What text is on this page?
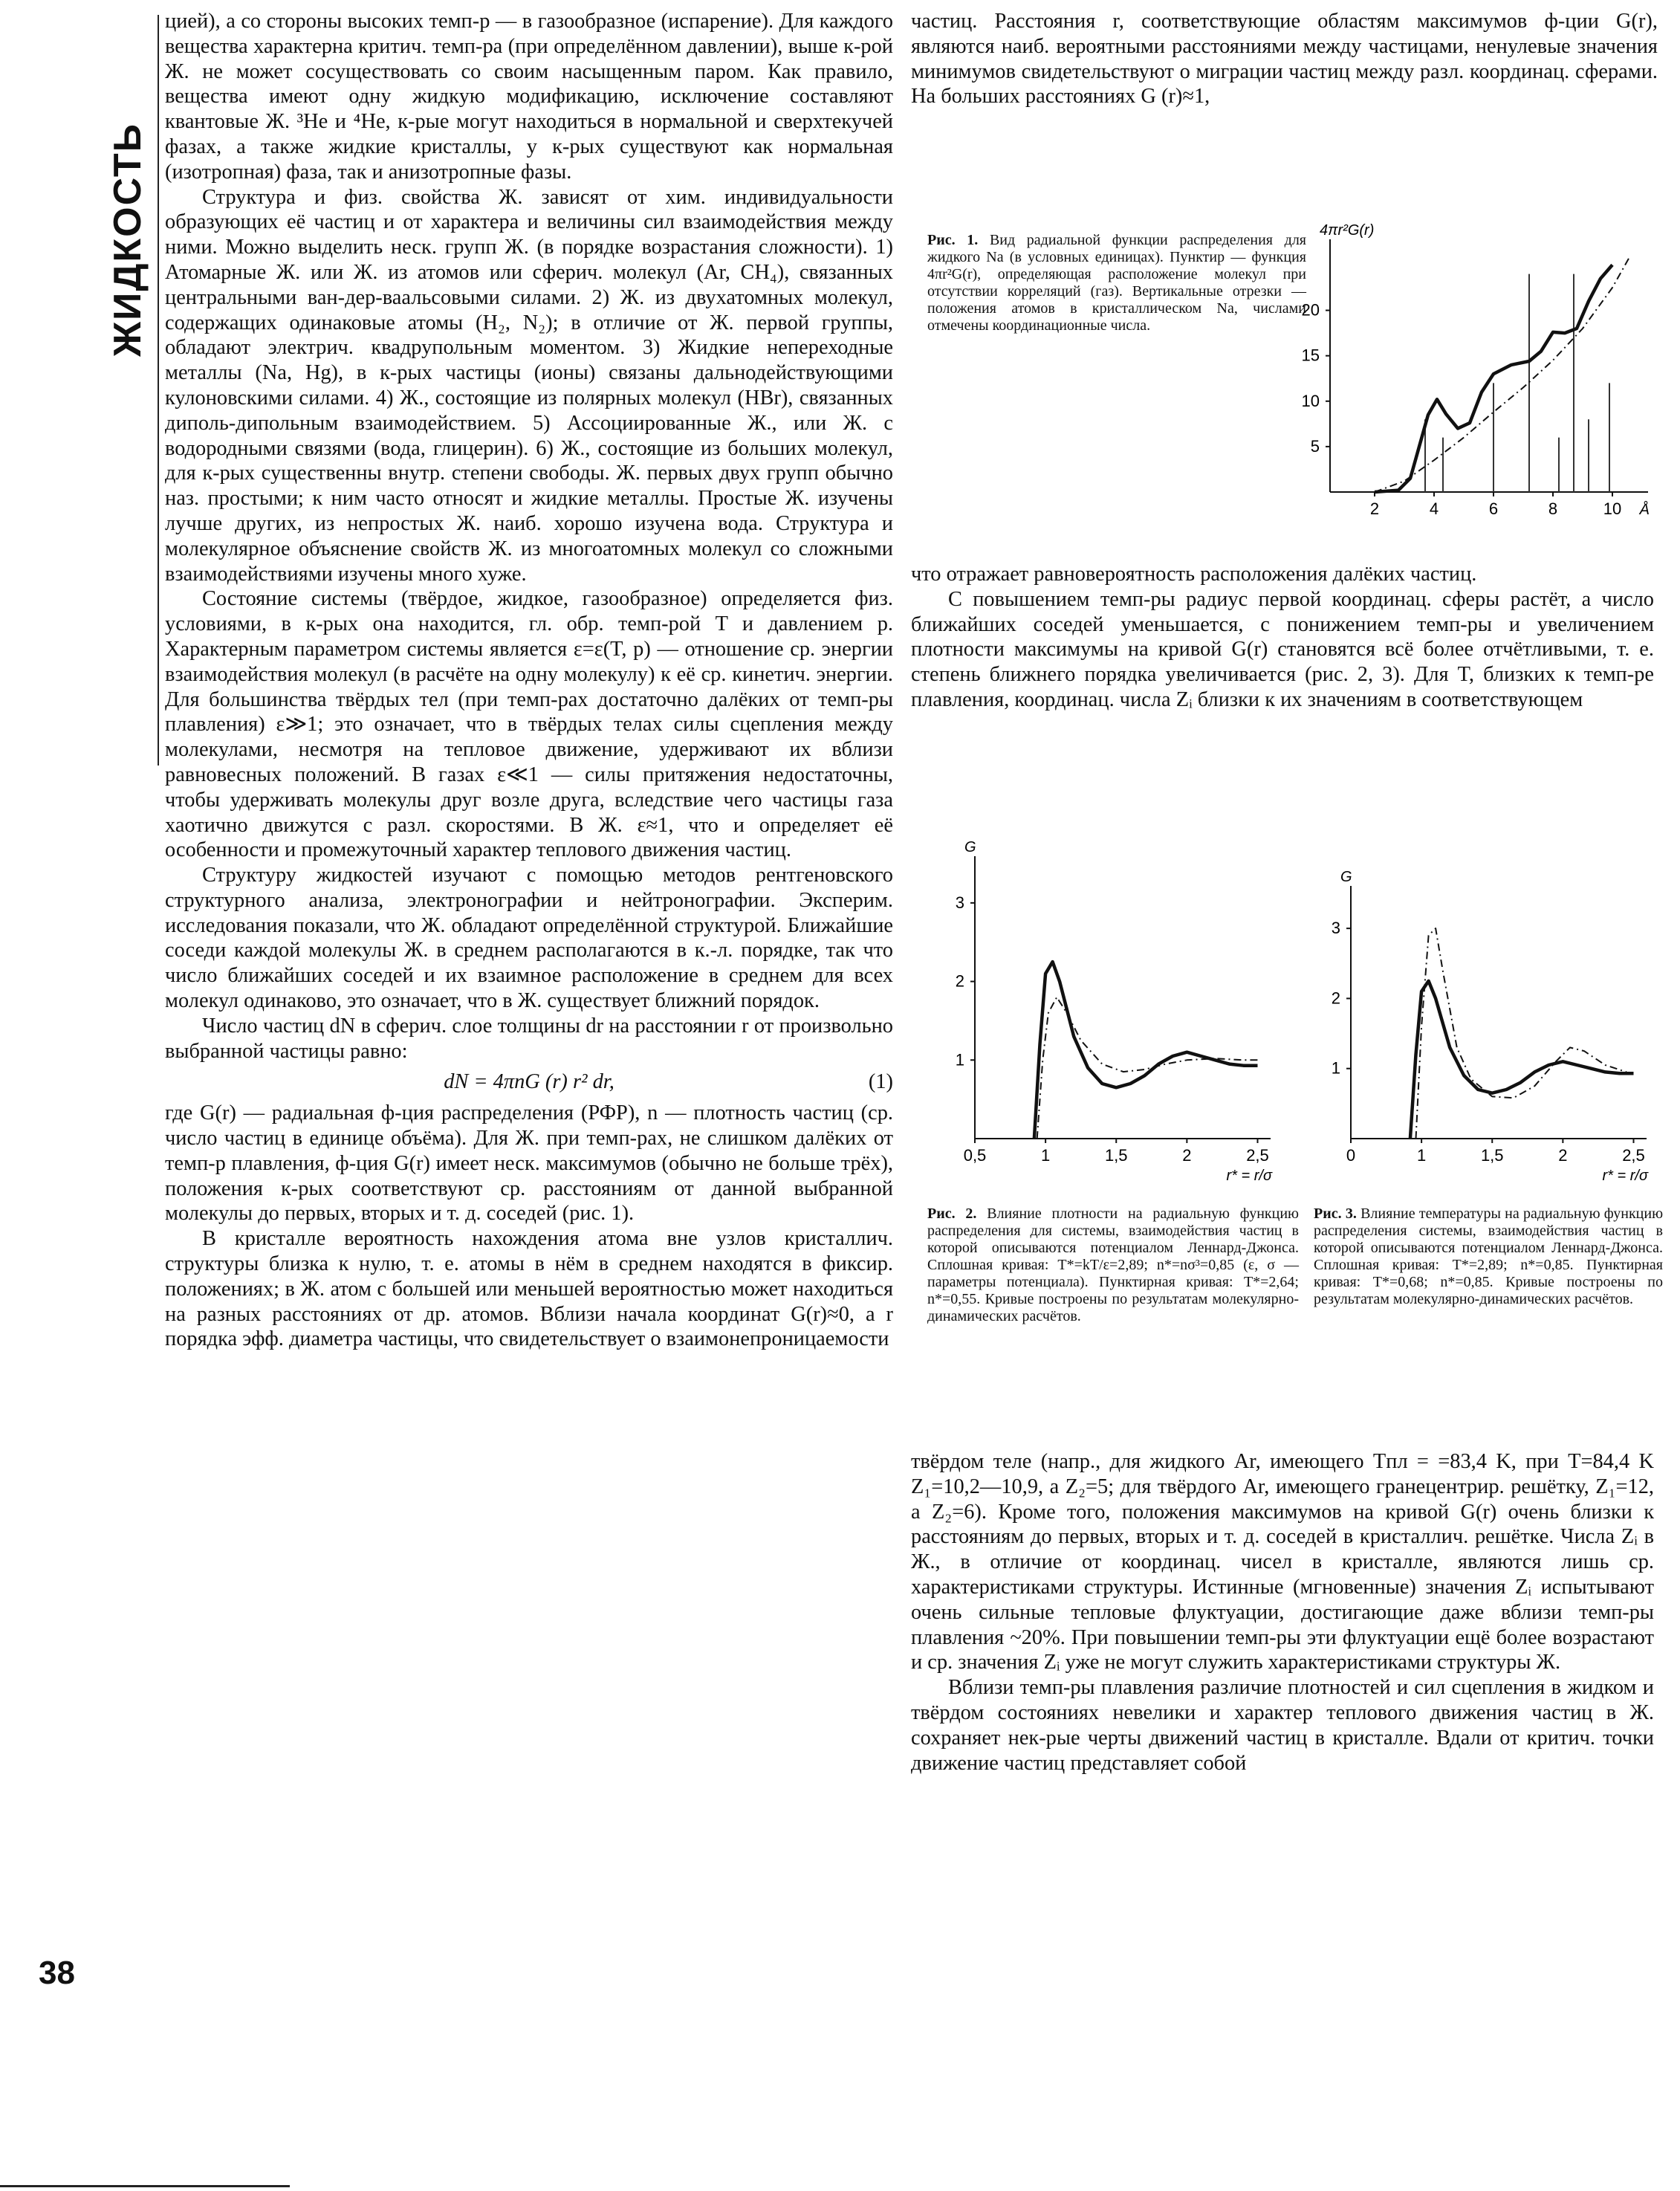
ЖИДКОСТЬ
38

цией), а со стороны высоких темп-р — в газообразное (испарение). Для каждого вещества характерна критич. темп-ра (при определённом давлении), выше к-рой Ж. не может сосуществовать со своим насыщенным паром. Как правило, вещества имеют одну жидкую модификацию, исключение составляют квантовые Ж. ³He и ⁴He, к-рые могут находиться в нормальной и сверхтекучей фазах, а также жидкие кристаллы, у к-рых существуют как нормальная (изотропная) фаза, так и анизотропные фазы.

Структура и физ. свойства Ж. зависят от хим. индивидуальности образующих её частиц и от характера и величины сил взаимодействия между ними. Можно выделить неск. групп Ж. (в порядке возрастания сложности). 1) Атомарные Ж. или Ж. из атомов или сферич. молекул (Ar, CH₄), связанных центральными ван-дер-ваальсовыми силами. 2) Ж. из двухатомных молекул, содержащих одинаковые атомы (H₂, N₂); в отличие от Ж. первой группы, обладают электрич. квадрупольным моментом. 3) Жидкие непереходные металлы (Na, Hg), в к-рых частицы (ионы) связаны дальнодействующими кулоновскими силами. 4) Ж., состоящие из полярных молекул (HBr), связанных диполь-дипольным взаимодействием. 5) Ассоциированные Ж., или Ж. с водородными связями (вода, глицерин). 6) Ж., состоящие из больших молекул, для к-рых существенны внутр. степени свободы. Ж. первых двух групп обычно наз. простыми; к ним часто относят и жидкие металлы. Простые Ж. изучены лучше других, из непростых Ж. наиб. хорошо изучена вода. Структура и молекулярное объяснение свойств Ж. из многоатомных молекул со сложными взаимодействиями изучены много хуже.

Состояние системы (твёрдое, жидкое, газообразное) определяется физ. условиями, в к-рых она находится, гл. обр. темп-рой T и давлением p. Характерным параметром системы является ε=ε(T, p) — отношение ср. энергии взаимодействия молекул (в расчёте на одну молекулу) к её ср. кинетич. энергии. Для большинства твёрдых тел (при темп-рах достаточно далёких от темп-ры плавления) ε≫1; это означает, что в твёрдых телах силы сцепления между молекулами, несмотря на тепловое движение, удерживают их вблизи равновесных положений. В газах ε≪1 — силы притяжения недостаточны, чтобы удерживать молекулы друг возле друга, вследствие чего частицы газа хаотично движутся с разл. скоростями. В Ж. ε≈1, что и определяет её особенности и промежуточный характер теплового движения частиц.

Структуру жидкостей изучают с помощью методов рентгеновского структурного анализа, электронографии и нейтронографии. Эксперим. исследования показали, что Ж. обладают определённой структурой. Ближайшие соседи каждой молекулы Ж. в среднем располагаются в к.-л. порядке, так что число ближайших соседей и их взаимное расположение в среднем для всех молекул одинаково, это означает, что в Ж. существует ближний порядок.

Число частиц dN в сферич. слое толщины dr на расстоянии r от произвольно выбранной частицы равно:

dN = 4πnG (r) r² dr,	(1)

где G(r) — радиальная ф-ция распределения (РФР), n — плотность частиц (ср. число частиц в единице объёма). Для Ж. при темп-рах, не слишком далёких от темп-р плавления, ф-ция G(r) имеет неск. максимумов (обычно не больше трёх), положения к-рых соответствуют ср. расстояниям от данной выбранной молекулы до первых, вторых и т. д. соседей (рис. 1).

В кристалле вероятность нахождения атома вне узлов кристаллич. структуры близка к нулю, т. е. атомы в нём в среднем находятся в фиксир. положениях; в Ж. атом с большей или меньшей вероятностью может находиться на разных расстояниях от др. атомов. Вблизи начала координат G(r)≈0, а r порядка эфф. диаметра частицы, что свидетельствует о взаимонепроницаемости

частиц. Расстояния r, соответствующие областям максимумов ф-ции G(r), являются наиб. вероятными расстояниями между частицами, ненулевые значения минимумов свидетельствуют о миграции частиц между разл. координац. сферами. На больших расстояниях G (r)≈1,

Рис. 1. Вид радиальной функции распределения для жидкого Na (в условных единицах). Пунктир — функция 4πr²G(r), определяющая расположение молекул при отсутствии корреляций (газ). Вертикальные отрезки — положения атомов в кристаллическом Na, числами отмечены координационные числа.
4πr²G(r)
2	4	6	8	10
5
10
15
20
Å

что отражает равновероятность расположения далёких частиц.

С повышением темп-ры радиус первой координац. сферы растёт, а число ближайших соседей уменьшается, с понижением темп-ры и увеличением плотности максимумы на кривой G(r) становятся всё более отчётливыми, т. е. степень ближнего порядка увеличивается (рис. 2, 3). Для T, близких к темп-ре плавления, координац. числа Zᵢ близки к их значениям в соответствующем

G
0,5	1	1,5	2	2,5
1
2
3
r* = r/σ
G
0	1	1,5	2	2,5
1
2
3
r* = r/σ
Рис. 2. Влияние плотности на радиальную функцию распределения для системы, взаимодействия частиц в которой описываются потенциалом Леннард-Джонса. Сплошная кривая: T*=kT/ε=2,89; n*=nσ³=0,85 (ε, σ — параметры потенциала). Пунктирная кривая: T*=2,64; n*=0,55. Кривые построены по результатам молекулярно-динамических расчётов.
Рис. 3. Влияние температуры на радиальную функцию распределения системы, взаимодействия частиц в которой описываются потенциалом Леннард-Джонса. Сплошная кривая: T*=2,89; n*=0,85. Пунктирная кривая: T*=0,68; n*=0,85. Кривые построены по результатам молекулярно-динамических расчётов.

твёрдом теле (напр., для жидкого Ar, имеющего Tпл = =83,4 K, при T=84,4 K Z₁=10,2—10,9, а Z₂=5; для твёрдого Ar, имеющего гранецентрир. решётку, Z₁=12, а Z₂=6). Кроме того, положения максимумов на кривой G(r) очень близки к расстояниям до первых, вторых и т. д. соседей в кристаллич. решётке. Числа Zᵢ в Ж., в отличие от координац. чисел в кристалле, являются лишь ср. характеристиками структуры. Истинные (мгновенные) значения Zᵢ испытывают очень сильные тепловые флуктуации, достигающие даже вблизи темп-ры плавления ~20%. При повышении темп-ры эти флуктуации ещё более возрастают и ср. значения Zᵢ уже не могут служить характеристиками структуры Ж.

Вблизи темп-ры плавления различие плотностей и сил сцепления в жидком и твёрдом состояниях невелики и характер теплового движения частиц в Ж. сохраняет нек-рые черты движений частиц в кристалле. Вдали от критич. точки движение частиц представляет собой
